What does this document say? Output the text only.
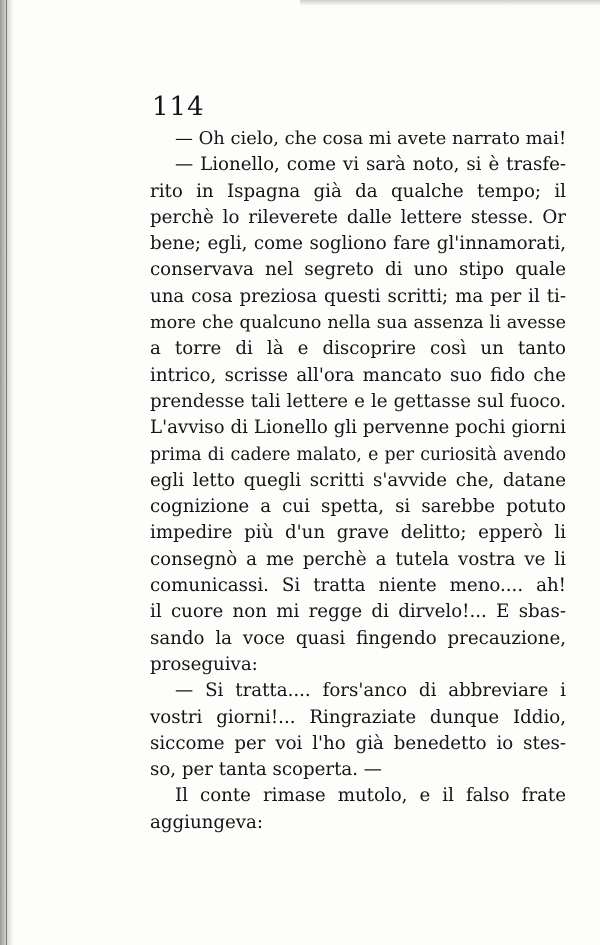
114
— Oh cielo, che cosa mi avete narrato mai!
— Lionello, come vi sarà noto, si è trasfe-
rito in Ispagna già da qualche tempo; il
perchè lo rileverete dalle lettere stesse. Or
bene; egli, come sogliono fare gl'innamorati,
conservava nel segreto di uno stipo quale
una cosa preziosa questi scritti; ma per il ti-
more che qualcuno nella sua assenza li avesse
a torre di là e discoprire così un tanto
intrico, scrisse all'ora mancato suo fido che
prendesse tali lettere e le gettasse sul fuoco.
L'avviso di Lionello gli pervenne pochi giorni
prima di cadere malato, e per curiosità avendo
egli letto quegli scritti s'avvide che, datane
cognizione a cui spetta, si sarebbe potuto
impedire più d'un grave delitto; epperò li
consegnò a me perchè a tutela vostra ve li
comunicassi. Si tratta niente meno.... ah!
il cuore non mi regge di dirvelo!... E sbas-
sando la voce quasi fingendo precauzione,
proseguiva:
— Si tratta.... fors'anco di abbreviare i
vostri giorni!... Ringraziate dunque Iddio,
siccome per voi l'ho già benedetto io stes-
so, per tanta scoperta. —
Il conte rimase mutolo, e il falso frate
aggiungeva:
